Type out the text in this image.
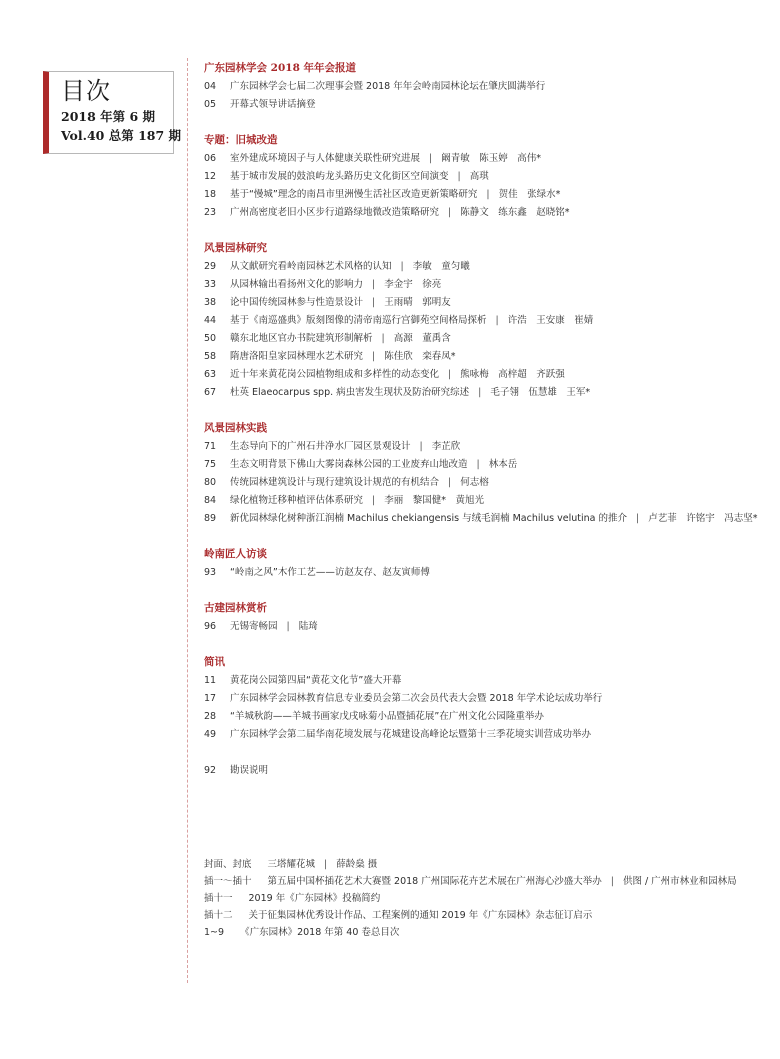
目次
2018 年第 6 期
Vol.40 总第 187 期
广东园林学会 2018 年年会报道
04	广东园林学会七届二次理事会暨 2018 年年会岭南园林论坛在肇庆圆满举行
05	开幕式领导讲话摘登
专题：旧城改造
06	室外建成环境因子与人体健康关联性研究进展 | 阚青敏　陈玉婷　高伟*
12	基于城市发展的鼓浪屿龙头路历史文化街区空间演变 | 高琪
18	基于“慢城”理念的南昌市里洲慢生活社区改造更新策略研究 | 贺佳　张绿水*
23	广州高密度老旧小区步行道路绿地微改造策略研究 | 陈静文　练东鑫　赵晓铭*
风景园林研究
29	从文献研究看岭南园林艺术风格的认知 | 李敏　童匀曦
33	从园林输出看扬州文化的影响力 | 李金宇　徐亮
38	论中国传统园林参与性造景设计 | 王雨晴　郭明友
44	基于《南巡盛典》版刻图像的清帝南巡行宫御苑空间格局探析 | 许浩　王安康　崔婧
50	赣东北地区官办书院建筑形制解析 | 高源　董禹含
58	隋唐洛阳皇家园林理水艺术研究 | 陈佳欣　栾春凤*
63	近十年来黄花岗公园植物组成和多样性的动态变化 | 熊咏梅　高梓超　齐跃强
67	杜英 Elaeocarpus spp. 病虫害发生现状及防治研究综述 | 毛子翎　伍慧雄　王军*
风景园林实践
71	生态导向下的广州石井净水厂园区景观设计 | 李芷欣
75	生态文明背景下佛山大雾岗森林公园的工业废弃山地改造 | 林本岳
80	传统园林建筑设计与现行建筑设计规范的有机结合 | 何志榕
84	绿化植物迁移种植评估体系研究 | 李丽　黎国健*　黄旭光
89	新优园林绿化树种浙江润楠 Machilus chekiangensis 与绒毛润楠 Machilus velutina 的推介 | 卢艺菲　许铭宇　冯志坚*
岭南匠人访谈
93	“岭南之风”木作工艺——访赵友存、赵友寅师傅
古建园林赏析
96	无锡寄畅园 | 陆琦
简讯
11	黄花岗公园第四届“黄花文化节”盛大开幕
17	广东园林学会园林教育信息专业委员会第二次会员代表大会暨 2018 年学术论坛成功举行
28	“羊城秋韵——羊城书画家戊戌咏菊小品暨插花展”在广州文化公园隆重举办
49	广东园林学会第二届华南花境发展与花城建设高峰论坛暨第十三季花境实训营成功举办
92	勘误说明
封面、封底 三塔耀花城 | 薛龄燊 摄
插一～插十 第五届中国杯插花艺术大赛暨 2018 广州国际花卉艺术展在广州海心沙盛大举办 | 供图 / 广州市林业和园林局
插十一 2019 年《广东园林》投稿简约
插十二 关于征集园林优秀设计作品、工程案例的通知 2019 年《广东园林》杂志征订启示
1~9 《广东园林》2018 年第 40 卷总目次
